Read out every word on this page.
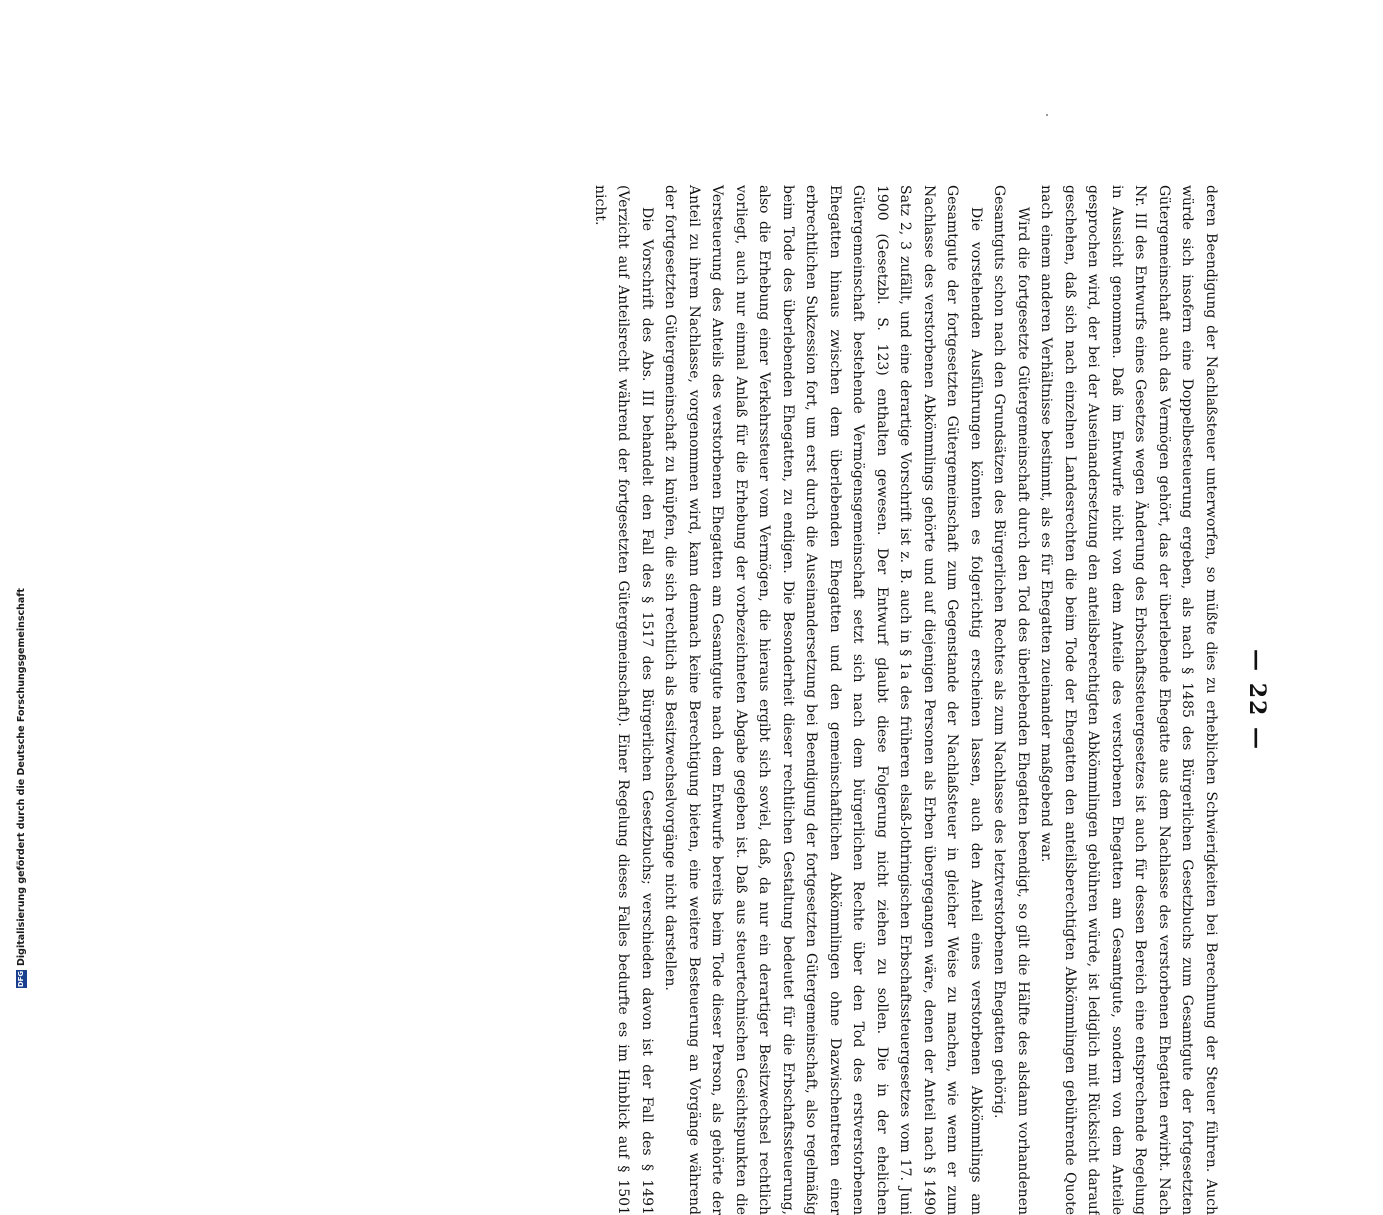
— 22 —

deren Beendigung der Nachlaßsteuer unterworfen, so müßte dies zu erheblichen Schwierigkeiten bei Berechnung der Steuer führen. Auch würde sich insofern eine Doppelbesteuerung ergeben, als nach § 1485 des Bürgerlichen Gesetzbuchs zum Gesamtgute der fortgesetzten Gütergemeinschaft auch das Vermögen gehört, das der überlebende Ehegatte aus dem Nachlasse des verstorbenen Ehegatten erwirbt. Nach Nr. III des Entwurfs eines Gesetzes wegen Änderung des Erbschaftssteuergesetzes ist auch für dessen Bereich eine entsprechende Regelung in Aussicht genommen. Daß im Entwurfe nicht von dem Anteile des verstorbenen Ehegatten am Gesamtgute, sondern von dem Anteile gesprochen wird, der bei der Auseinandersetzung den anteilsberechtigten Abkömmlingen gebühren würde, ist lediglich mit Rücksicht darauf geschehen, daß sich nach einzelnen Landesrechten die beim Tode der Ehegatten den anteilsberechtigten Abkömmlingen gebührende Quote nach einem anderen Verhältnisse bestimmt, als es für Ehegatten zueinander maßgebend war.

Wird die fortgesetzte Gütergemeinschaft durch den Tod des überlebenden Ehegatten beendigt, so gilt die Hälfte des alsdann vorhandenen Gesamtguts schon nach den Grundsätzen des Bürgerlichen Rechtes als zum Nachlasse des letztverstorbenen Ehegatten gehörig.

Die vorstehenden Ausführungen könnten es folgerichtig erscheinen lassen, auch den Anteil eines verstorbenen Abkömmlings am Gesamtgute der fortgesetzten Gütergemeinschaft zum Gegenstande der Nachlaßsteuer in gleicher Weise zu machen, wie wenn er zum Nachlasse des verstorbenen Abkömmlings gehörte und auf diejenigen Personen als Erben übergegangen wäre, denen der Anteil nach § 1490 Satz 2, 3 zufällt, und eine derartige Vorschrift ist z. B. auch in § 1a des früheren elsaß-lothringischen Erbschaftssteuergesetzes vom 17. Juni 1900 (Gesetzbl. S. 123) enthalten gewesen. Der Entwurf glaubt diese Folgerung nicht ziehen zu sollen. Die in der ehelichen Gütergemeinschaft bestehende Vermögensgemeinschaft setzt sich nach dem bürgerlichen Rechte über den Tod des erstverstorbenen Ehegatten hinaus zwischen dem überlebenden Ehegatten und den gemeinschaftlichen Abkömmlingen ohne Dazwischentreten einer erbrechtlichen Sukzession fort, um erst durch die Auseinandersetzung bei Beendigung der fortgesetzten Gütergemeinschaft, also regelmäßig beim Tode des überlebenden Ehegatten, zu endigen. Die Besonderheit dieser rechtlichen Gestaltung bedeutet für die Erbschaftssteuerung, also die Erhebung einer Verkehrssteuer vom Vermögen, die hieraus ergibt sich soviel, daß, da nur ein derartiger Besitzwechsel rechtlich vorliegt, auch nur einmal Anlaß für die Erhebung der vorbezeichneten Abgabe gegeben ist. Daß aus steuertechnischen Gesichtspunkten die Versteuerung des Anteils des verstorbenen Ehegatten am Gesamtgute nach dem Entwurfe bereits beim Tode dieser Person, als gehörte der Anteil zu ihrem Nachlasse, vorgenommen wird, kann demnach keine Berechtigung bieten, eine weitere Besteuerung an Vorgänge während der fortgesetzten Gütergemeinschaft zu knüpfen, die sich rechtlich als Besitzwechselvorgänge nicht darstellen.

Die Vorschrift des Abs. III behandelt den Fall des § 1517 des Bürgerlichen Gesetzbuchs; verschieden davon ist der Fall des § 1491 (Verzicht auf Anteilsrecht während der fortgesetzten Gütergemeinschaft). Einer Regelung dieses Falles bedurfte es im Hinblick auf § 1501 nicht.

DFG
Digitalisierung gefördert durch die Deutsche Forschungsgemeinschaft
